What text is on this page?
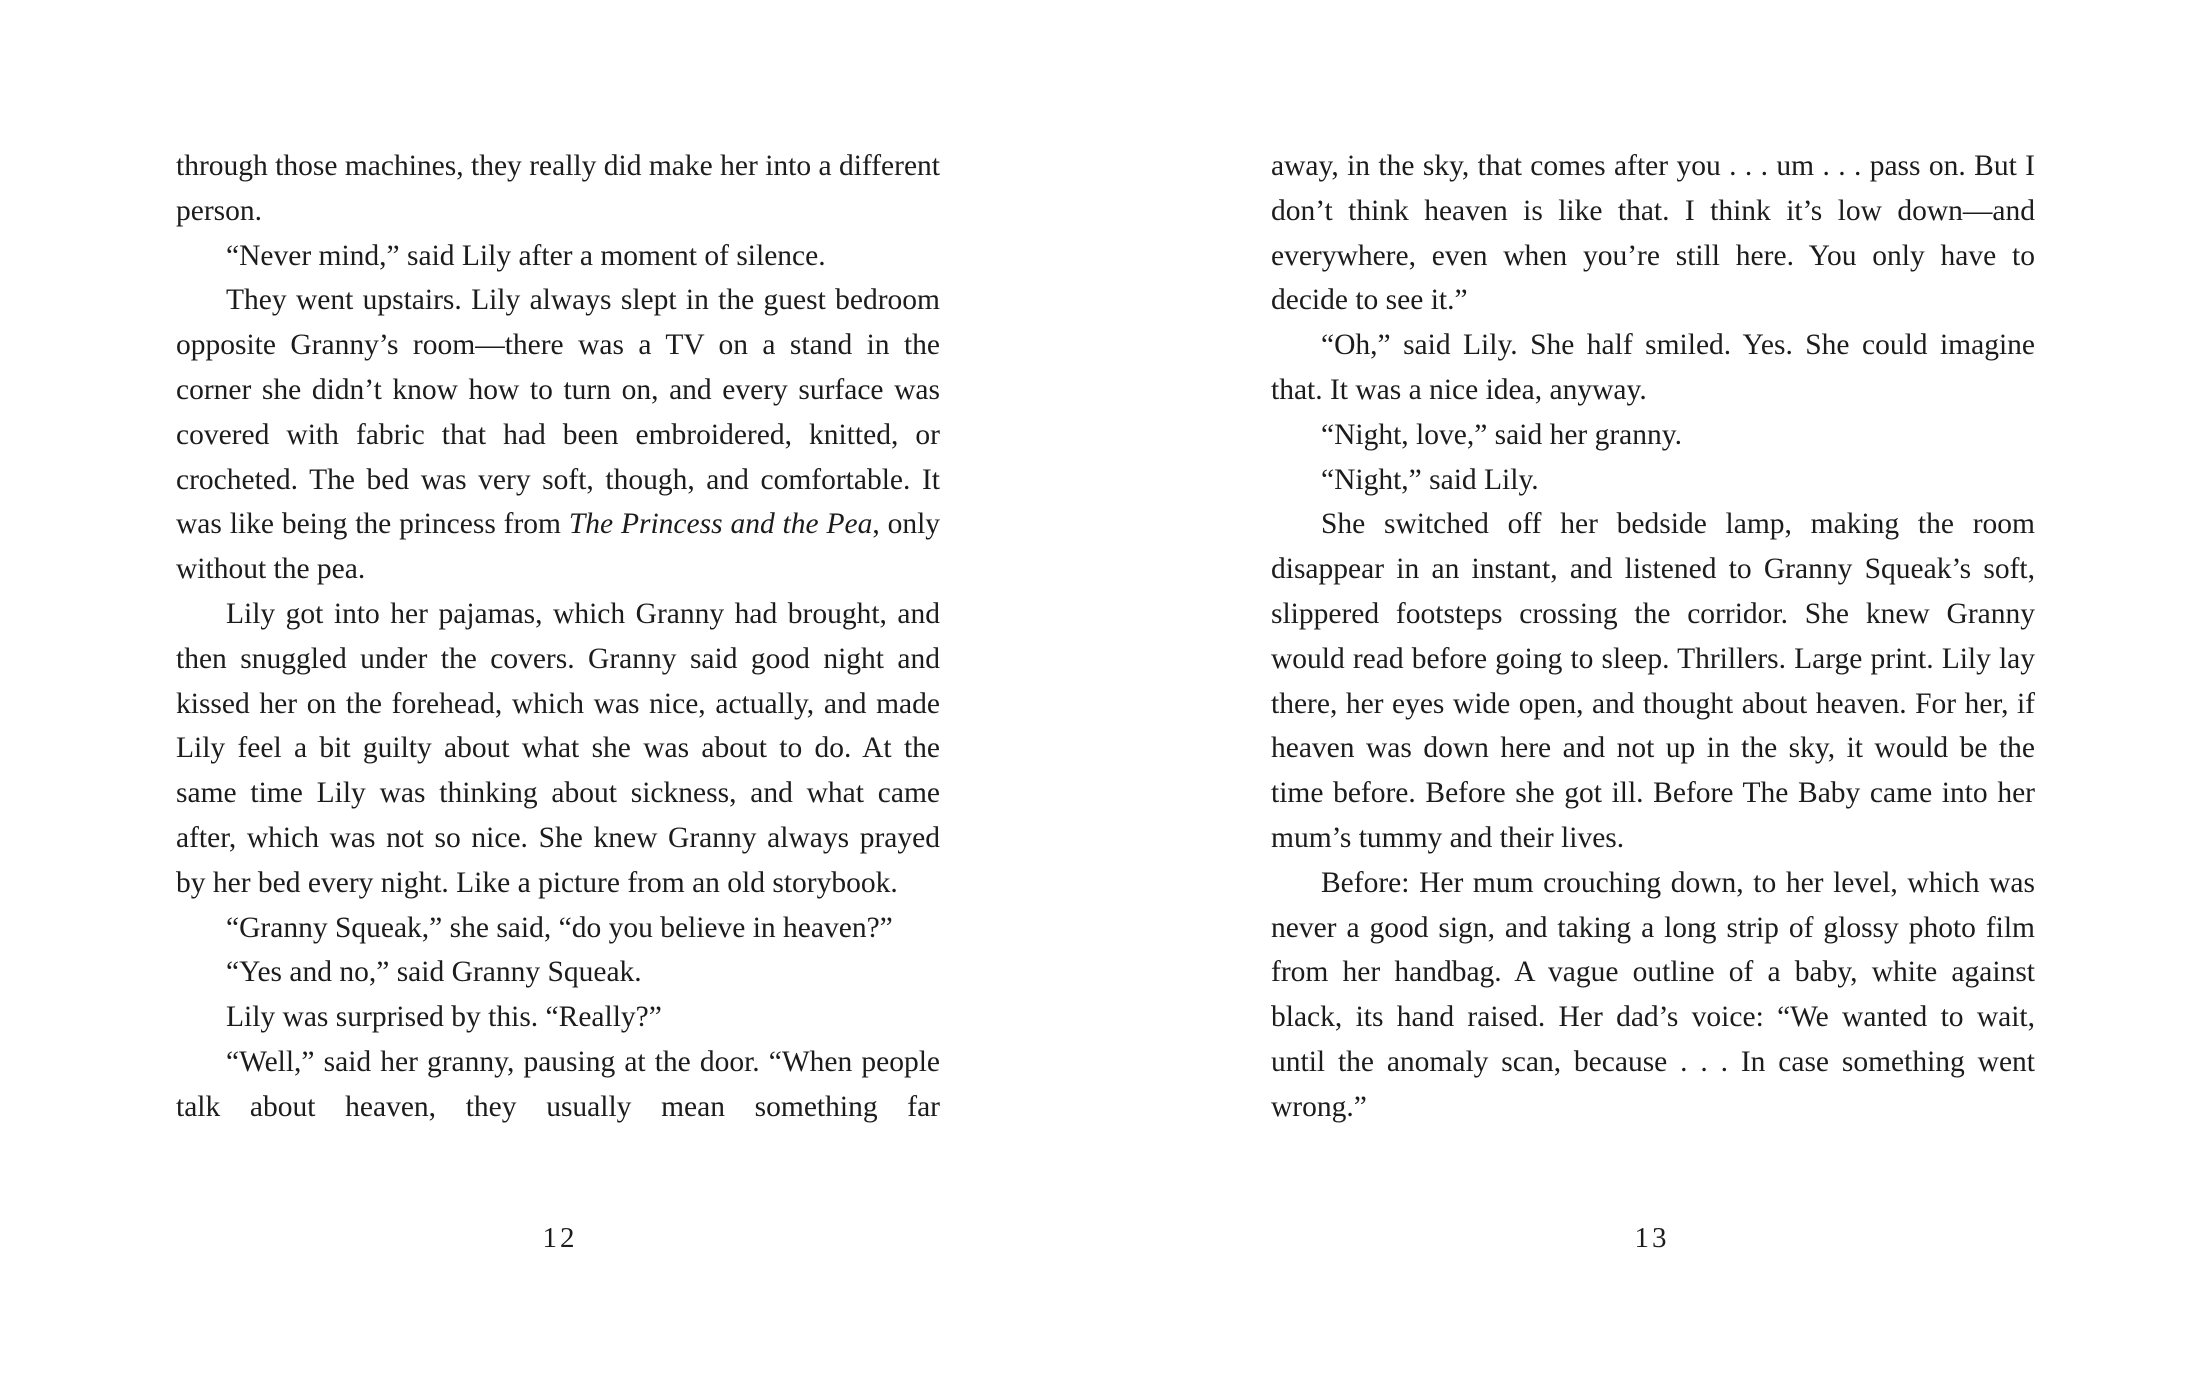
through those machines, they really did make her into a different person.

“Never mind,” said Lily after a moment of silence.

They went upstairs. Lily always slept in the guest bedroom opposite Granny’s room—there was a TV on a stand in the corner she didn’t know how to turn on, and every surface was covered with fabric that had been embroidered, knitted, or crocheted. The bed was very soft, though, and comfortable. It was like being the princess from The Princess and the Pea, only without the pea.

Lily got into her pajamas, which Granny had brought, and then snuggled under the covers. Granny said good night and kissed her on the forehead, which was nice, actually, and made Lily feel a bit guilty about what she was about to do. At the same time Lily was thinking about sickness, and what came after, which was not so nice. She knew Granny always prayed by her bed every night. Like a picture from an old storybook.

“Granny Squeak,” she said, “do you believe in heaven?”

“Yes and no,” said Granny Squeak.

Lily was surprised by this. “Really?”

“Well,” said her granny, pausing at the door. “When people talk about heaven, they usually mean something far

12

away, in the sky, that comes after you . . . um . . . pass on. But I don’t think heaven is like that. I think it’s low down—and everywhere, even when you’re still here. You only have to decide to see it.”

“Oh,” said Lily. She half smiled. Yes. She could imagine that. It was a nice idea, anyway.

“Night, love,” said her granny.

“Night,” said Lily.

She switched off her bedside lamp, making the room disappear in an instant, and listened to Granny Squeak’s soft, slippered footsteps crossing the corridor. She knew Granny would read before going to sleep. Thrillers. Large print. Lily lay there, her eyes wide open, and thought about heaven. For her, if heaven was down here and not up in the sky, it would be the time before. Before she got ill. Before The Baby came into her mum’s tummy and their lives.

Before: Her mum crouching down, to her level, which was never a good sign, and taking a long strip of glossy photo film from her handbag. A vague outline of a baby, white against black, its hand raised. Her dad’s voice: “We wanted to wait, until the anomaly scan, because . . . In case something went wrong.”

13
